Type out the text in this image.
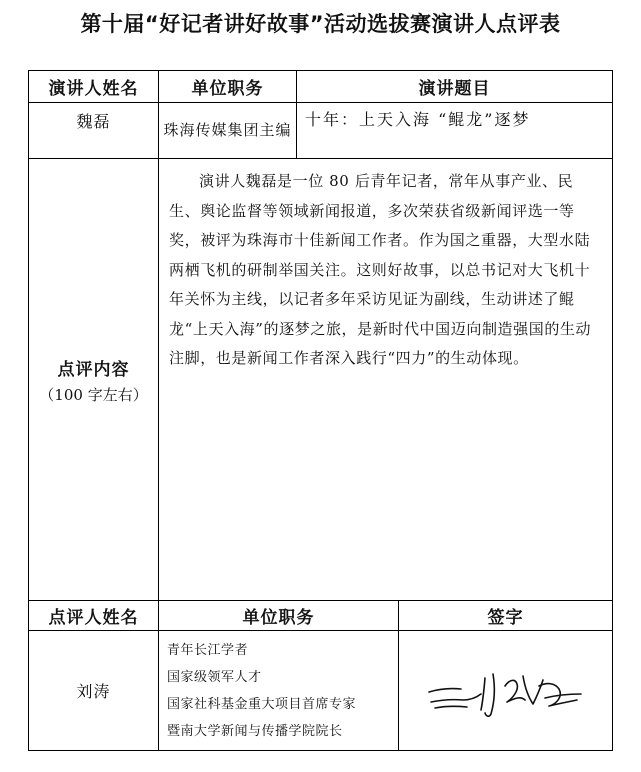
第十届“好记者讲好故事”活动选拔赛演讲人点评表
演讲人姓名	单位职务	演讲题目	
魏磊	珠海传媒集团主编	十年：上天入海 “鲲龙”逐梦	

点评内容
（100 字左右）	演讲人魏磊是一位 80 后青年记者，常年从事产业、民生、舆论监督等领域新闻报道，多次荣获省级新闻评选一等奖，被评为珠海市十佳新闻工作者。作为国之重器，大型水陆两栖飞机的研制举国关注。这则好故事，以总书记对大飞机十年关怀为主线，以记者多年采访见证为副线，生动讲述了鲲龙“上天入海”的逐梦之旅，是新时代中国迈向制造强国的生动注脚，也是新闻工作者深入践行“四力”的生动体现。		
点评人姓名	单位职务		签字
刘涛	青年长江学者
国家级领军人才
国家社科基金重大项目首席专家
暨南大学新闻与传播学院院长
